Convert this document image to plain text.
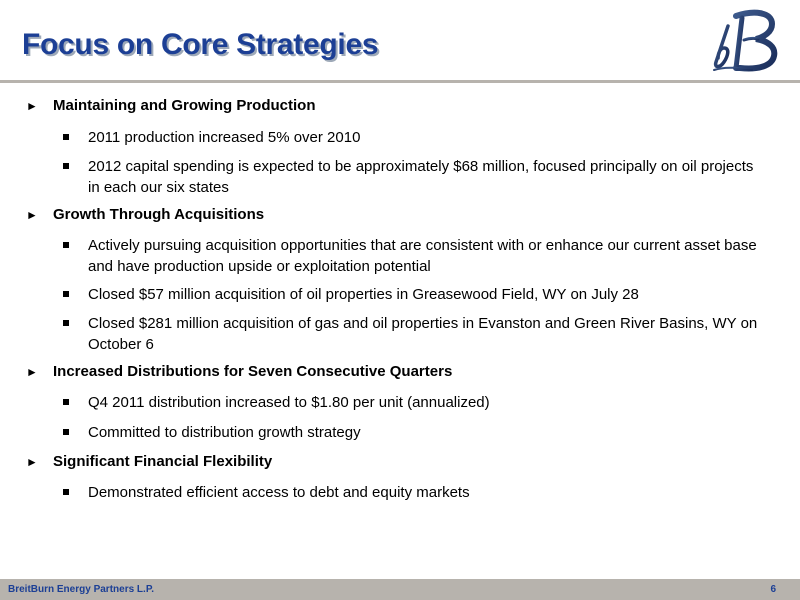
Focus on Core Strategies
► Maintaining and Growing Production
2011 production increased 5% over 2010
2012 capital spending is expected to be approximately $68 million, focused principally on oil projects in each our six states
► Growth Through Acquisitions
Actively pursuing acquisition opportunities that are consistent with or enhance our current asset base and have production upside or exploitation potential
Closed $57 million acquisition of oil properties in Greasewood Field, WY on July 28
Closed $281 million acquisition of gas and oil properties in Evanston and Green River Basins, WY on October 6
► Increased Distributions for Seven Consecutive Quarters
Q4 2011 distribution increased to $1.80 per unit (annualized)
Committed to distribution growth strategy
► Significant Financial Flexibility
Demonstrated efficient access to debt and equity markets
BreitBurn Energy Partners L.P.	6
